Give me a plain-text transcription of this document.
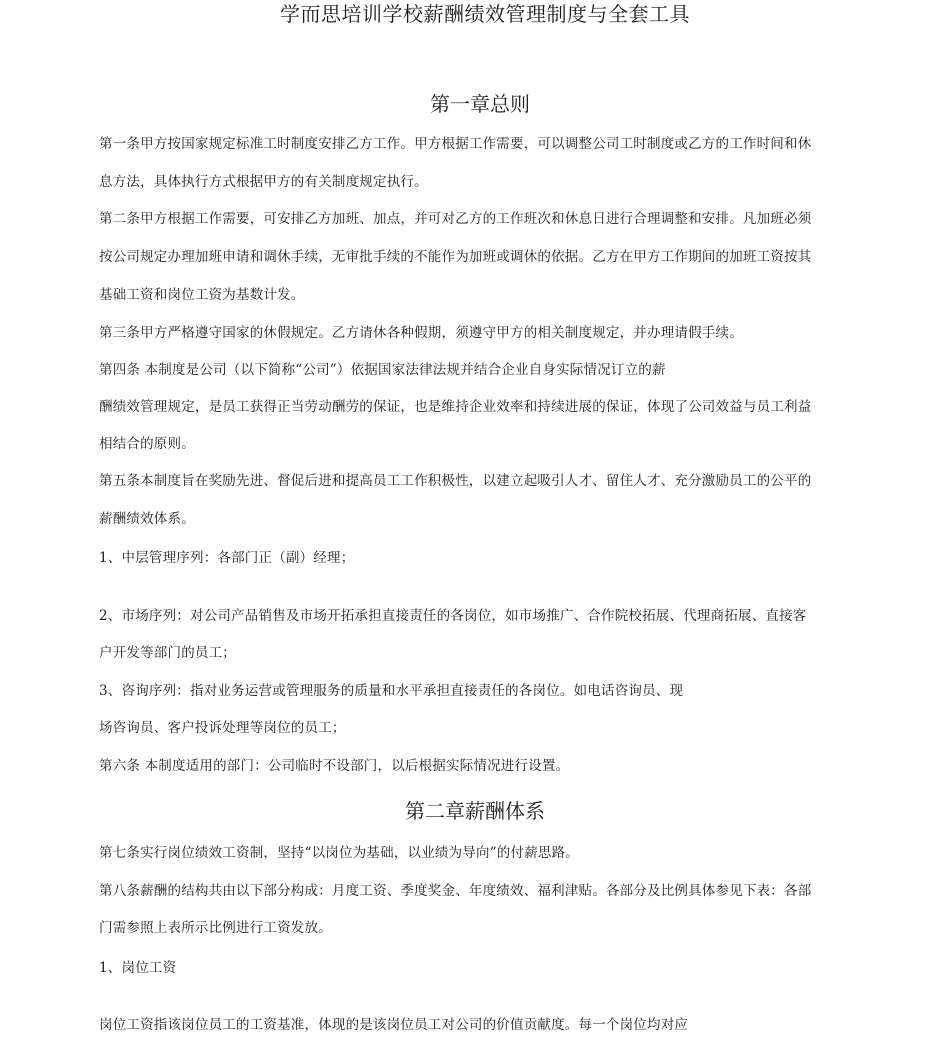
学而思培训学校薪酬绩效管理制度与全套工具
第一章总则
第一条甲方按国家规定标准工时制度安排乙方工作。甲方根据工作需要，可以调整公司工时制度或乙方的工作时间和休
息方法，具体执行方式根据甲方的有关制度规定执行。
第二条甲方根据工作需要，可安排乙方加班、加点，并可对乙方的工作班次和休息日进行合理调整和安排。凡加班必须
按公司规定办理加班申请和调休手续，无审批手续的不能作为加班或调休的依据。乙方在甲方工作期间的加班工资按其
基础工资和岗位工资为基数计发。
第三条甲方严格遵守国家的休假规定。乙方请休各种假期，须遵守甲方的相关制度规定，并办理请假手续。
第四条 本制度是公司（以下简称“公司”）依据国家法律法规并结合企业自身实际情况订立的薪
酬绩效管理规定，是员工获得正当劳动酬劳的保证，也是维持企业效率和持续进展的保证，体现了公司效益与员工利益
相结合的原则。
第五条本制度旨在奖励先进、督促后进和提高员工工作积极性，以建立起吸引人才、留住人才、充分激励员工的公平的
薪酬绩效体系。
1、中层管理序列：各部门正（副）经理；
2、市场序列：对公司产品销售及市场开拓承担直接责任的各岗位，如市场推广、合作院校拓展、代理商拓展、直接客
户开发等部门的员工；
3、咨询序列：指对业务运营或管理服务的质量和水平承担直接责任的各岗位。如电话咨询员、现
场咨询员、客户投诉处理等岗位的员工；
第六条 本制度适用的部门：公司临时不设部门，以后根据实际情况进行设置。
第二章薪酬体系
第七条实行岗位绩效工资制，坚持“以岗位为基础，以业绩为导向”的付薪思路。
第八条薪酬的结构共由以下部分构成：月度工资、季度奖金、年度绩效、福利津贴。各部分及比例具体参见下表：各部
门需参照上表所示比例进行工资发放。
1、岗位工资
岗位工资指该岗位员工的工资基准，体现的是该岗位员工对公司的价值贡献度。每一个岗位均对应
